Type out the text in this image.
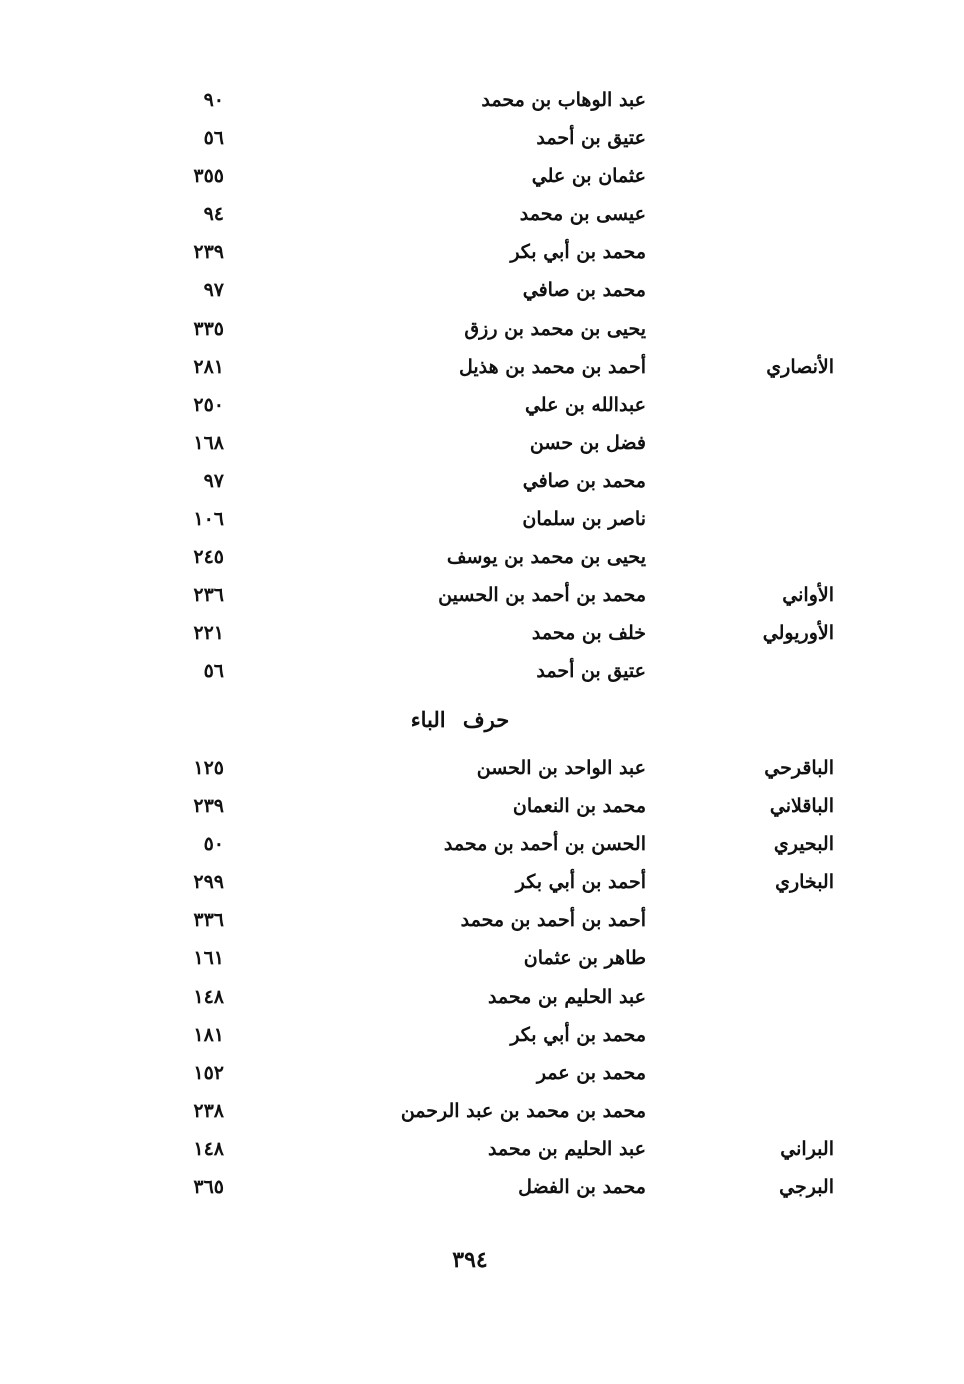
عبد الوهاب بن محمد
٩٠
عتيق بن أحمد
٥٦
عثمان بن علي
٣٥٥
عيسى بن محمد
٩٤
محمد بن أبي بكر
٢٣٩
محمد بن صافي
٩٧
يحيى بن محمد بن رزق
٣٣٥
الأنصاري
أحمد بن محمد بن هذيل
٢٨١
عبدالله بن علي
٢٥٠
فضل بن حسن
١٦٨
محمد بن صافي
٩٧
ناصر بن سلمان
١٠٦
يحيى بن محمد بن يوسف
٢٤٥
الأواني
محمد بن أحمد بن الحسين
٢٣٦
الأوريولي
خلف بن محمد
٢٢١
عتيق بن أحمد
٥٦
حرف الباء
الباقرحي
عبد الواحد بن الحسن
١٢٥
الباقلاني
محمد بن النعمان
٢٣٩
البحيري
الحسن بن أحمد بن محمد
٥٠
البخاري
أحمد بن أبي بكر
٢٩٩
أحمد بن أحمد بن محمد
٣٣٦
طاهر بن عثمان
١٦١
عبد الحليم بن محمد
١٤٨
محمد بن أبي بكر
١٨١
محمد بن عمر
١٥٢
محمد بن محمد بن عبد الرحمن
٢٣٨
البراني
عبد الحليم بن محمد
١٤٨
البرجي
محمد بن الفضل
٣٦٥
٣٩٤
